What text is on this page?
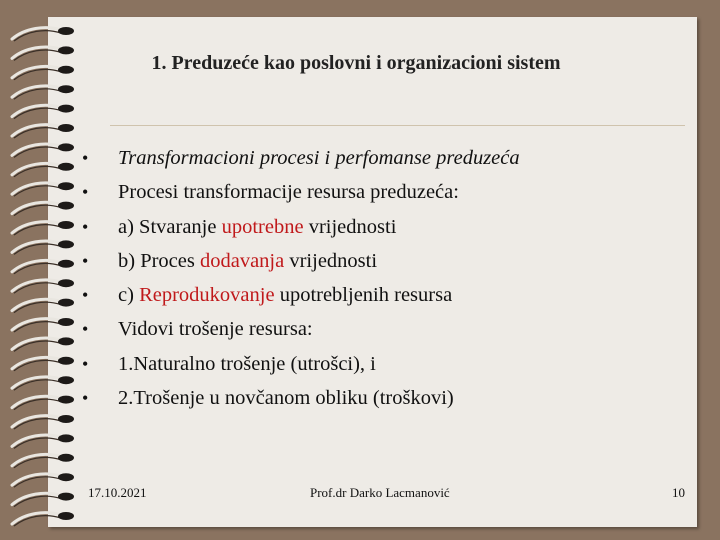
1. Preduzeće kao poslovni i organizacioni sistem
• Transformacioni procesi i perfomanse preduzeća
• Procesi transformacije resursa preduzeća:
• a) Stvaranje upotrebne vrijednosti
• b) Proces dodavanja vrijednosti
• c) Reprodukovanje upotrebljenih resursa
• Vidovi trošenje resursa:
• 1.Naturalno trošenje (utrošci), i
• 2.Trošenje u novčanom obliku (troškovi)
17.10.2021	Prof.dr Darko Lacmanović	10
